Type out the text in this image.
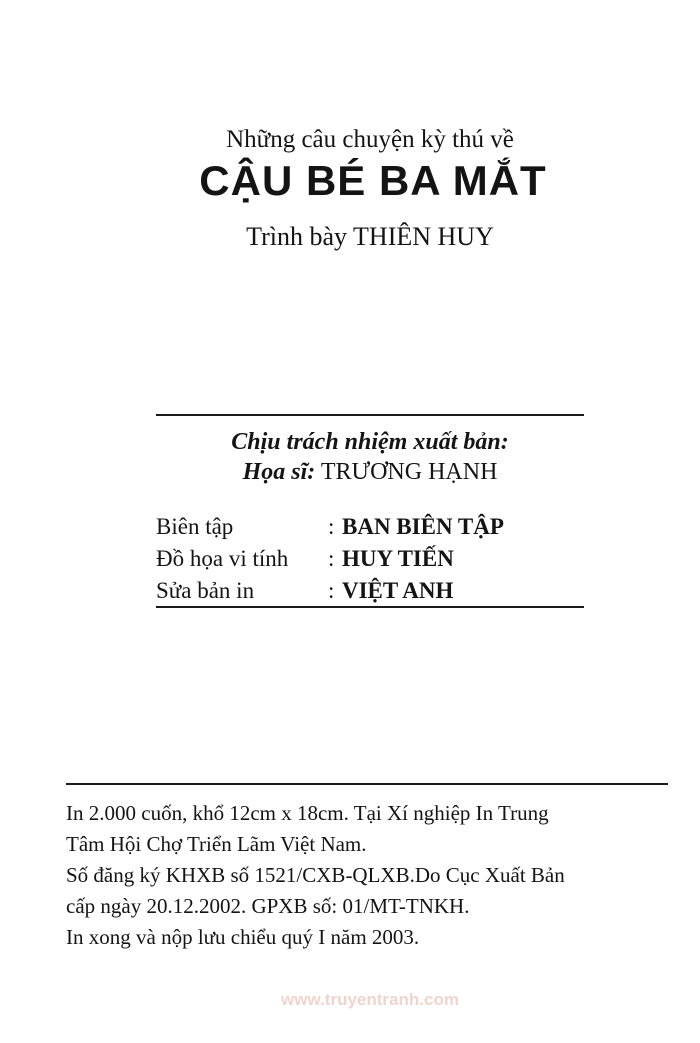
Những câu chuyện kỳ thú về
CẬU BÉ BA MẮT
Trình bày THIÊN HUY
Chịu trách nhiệm xuất bản:
Họa sĩ: TRƯƠNG HẠNH
Biên tập	: BAN BIÊN TẬP
Đồ họa vi tính : HUY TIẾN
Sửa bản in	: VIỆT ANH
In 2.000 cuốn, khổ 12cm x 18cm. Tại Xí nghiệp In Trung
Tâm Hội Chợ Triển Lãm Việt Nam.
Số đăng ký KHXB số 1521/CXB-QLXB.Do Cục Xuất Bản
cấp ngày 20.12.2002. GPXB số: 01/MT-TNKH.
In xong và nộp lưu chiểu quý I năm 2003.
www.truyentranh.com
